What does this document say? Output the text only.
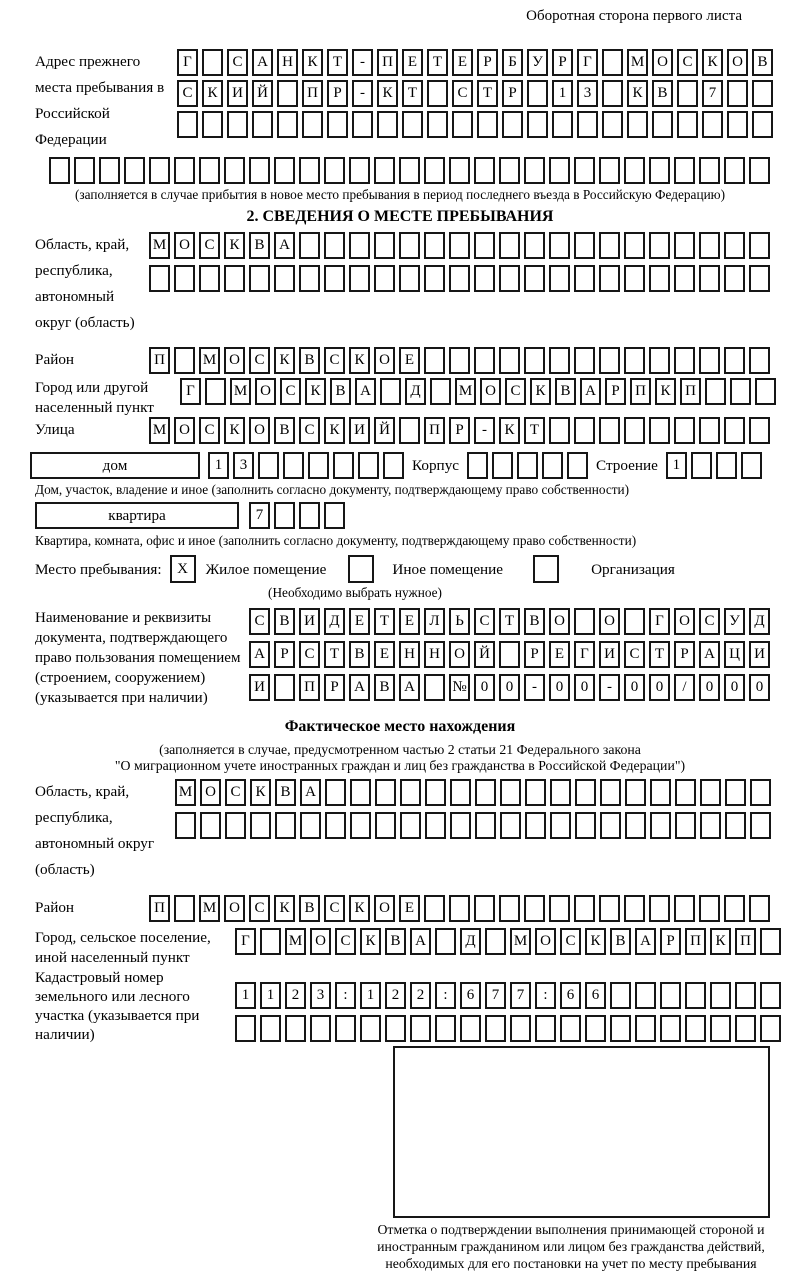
Оборотная сторона первого листа
Адрес прежнего места пребывания в Российской Федерации
Г	С А Н К	Т	-	П Е	Т	Е	Р	Б	У	Р	Г	М О С К О В
С К И Й	П	Р	-	К	Т	С	Т	Р	1	3	К В	7
(заполняется в случае прибытия в новое место пребывания в период последнего въезда в Российскую Федерацию)
2. СВЕДЕНИЯ О МЕСТЕ ПРЕБЫВАНИЯ
Область, край, республика, автономный округ (область)
М О С К В А
Район	П	М О С К В С К О Е
Город или другой населенный пункт
Г	М О С К В А	Д	М О С К В А	Р	П К П
Улица	М О С К О В С К И Й	П	Р	-	К	Т
дом	1	3	Корпус	Строение 1
Дом, участок, владение и иное (заполнить согласно документу, подтверждающему право собственности)
квартира	7
Квартира, комната, офис и иное (заполнить согласно документу, подтверждающему право собственности)
Место пребывания:	X	Жилое помещение	Иное помещение	Организация
(Необходимо выбрать нужное)
Наименование и реквизиты документа, подтверждающего право пользования помещением (строением, сооружением) (указывается при наличии)
С В И Д	Е	Т	Е	Л	Ь	С	Т	В О	О	Г	О С У Д
А	Р	С	Т	В	Е	Н Н О Й	Р	Е	Г	И С	Т	Р	А Ц И
И	П	Р	А В А	№ 0	0	-	0	0	-	0	0	/	0	0	0
Фактическое место нахождения
(заполняется в случае, предусмотренном частью 2 статьи 21 Федерального закона
"О миграционном учете иностранных граждан и лиц без гражданства в Российской Федерации")
Область, край, республика, автономный округ (область)
М О С К В А
Район	П	М О С К В С К О Е
Город, сельское поселение, иной населенный пункт
Г	М О С К В А	Д	М О С К В А	Р	П К П
Кадастровый номер земельного или лесного участка (указывается при наличии)
1	1	2	3	:	1	2	2	:	6	7	7	:	6	6
Отметка о подтверждении выполнения принимающей стороной и иностранным гражданином или лицом без гражданства действий, необходимых для его постановки на учет по месту пребывания
